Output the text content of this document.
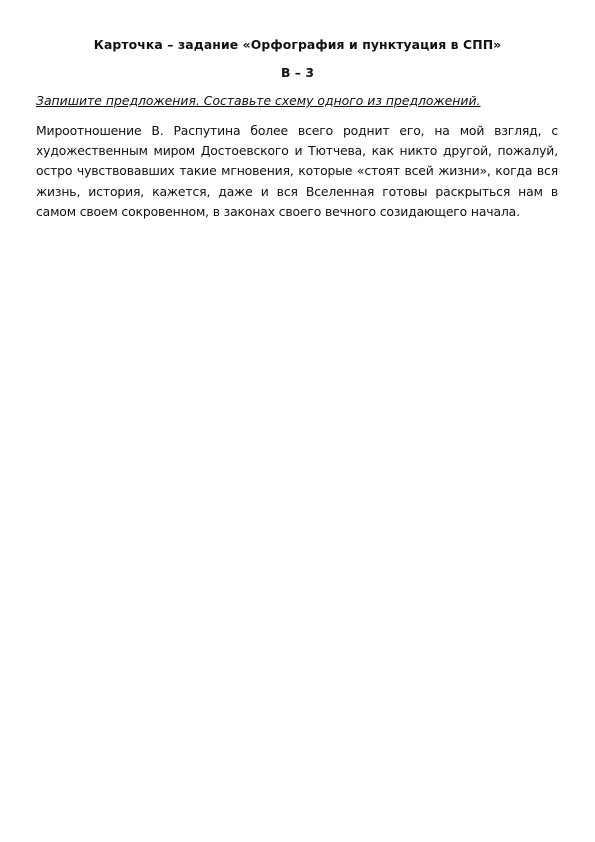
Карточка – задание «Орфография и пунктуация в СПП»
В – 3
Запишите предложения. Составьте схему одного из предложений.

Мироотношение В. Распутина более всего роднит его, на мой взгляд, с художественным миром Достоевского и Тютчева, как никто другой, пожалуй, остро чувствовавших такие мгновения, которые «стоят всей жизни», когда вся жизнь, история, кажется, даже и вся Вселенная готовы раскрыться нам в самом своем сокровенном, в законах своего вечного созидающего начала.
